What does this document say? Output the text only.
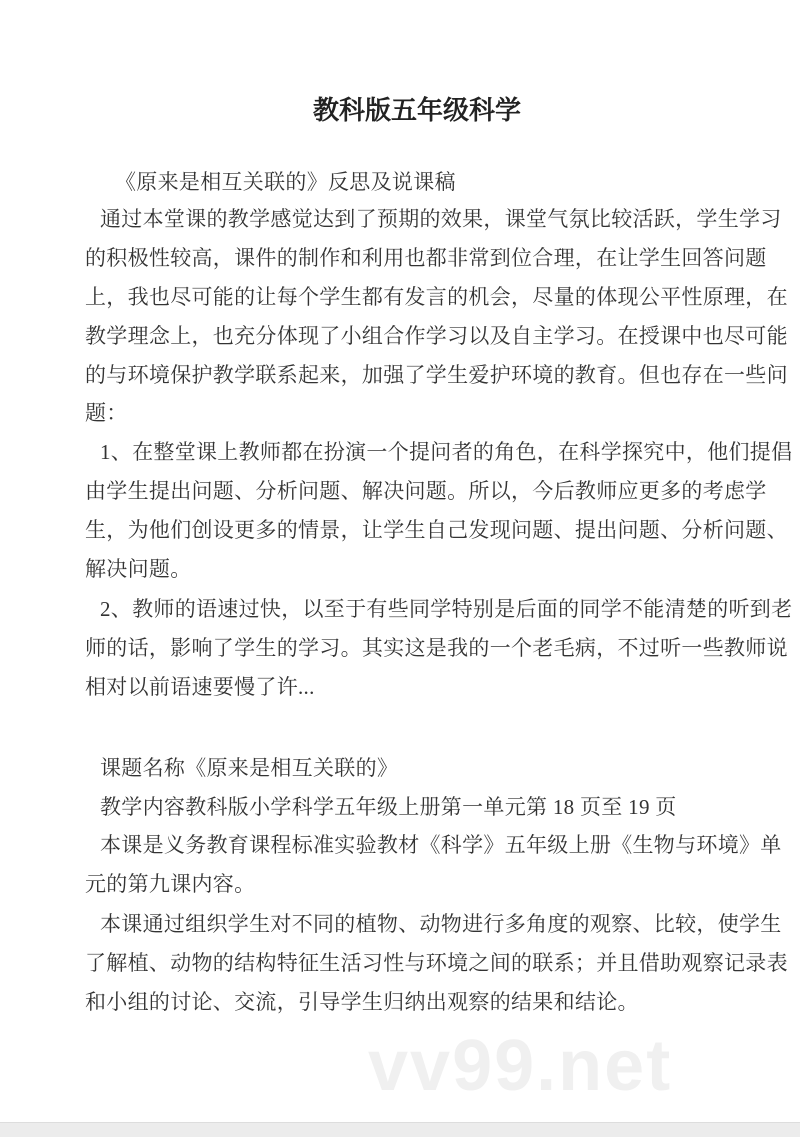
教科版五年级科学
《原来是相互关联的》反思及说课稿
通过本堂课的教学感觉达到了预期的效果，课堂气氛比较活跃，学生学习
的积极性较高，课件的制作和利用也都非常到位合理，在让学生回答问题
上，我也尽可能的让每个学生都有发言的机会，尽量的体现公平性原理，在
教学理念上，也充分体现了小组合作学习以及自主学习。在授课中也尽可能
的与环境保护教学联系起来，加强了学生爱护环境的教育。但也存在一些问
题：
1、在整堂课上教师都在扮演一个提问者的角色，在科学探究中，他们提倡
由学生提出问题、分析问题、解决问题。所以，今后教师应更多的考虑学
生，为他们创设更多的情景，让学生自己发现问题、提出问题、分析问题、
解决问题。
2、教师的语速过快，以至于有些同学特别是后面的同学不能清楚的听到老
师的话，影响了学生的学习。其实这是我的一个老毛病，不过听一些教师说
相对以前语速要慢了许...
课题名称《原来是相互关联的》
教学内容教科版小学科学五年级上册第一单元第 18 页至 19 页
本课是义务教育课程标准实验教材《科学》五年级上册《生物与环境》单
元的第九课内容。
本课通过组织学生对不同的植物、动物进行多角度的观察、比较，使学生
了解植、动物的结构特征生活习性与环境之间的联系；并且借助观察记录表
和小组的讨论、交流，引导学生归纳出观察的结果和结论。
vv99.net
